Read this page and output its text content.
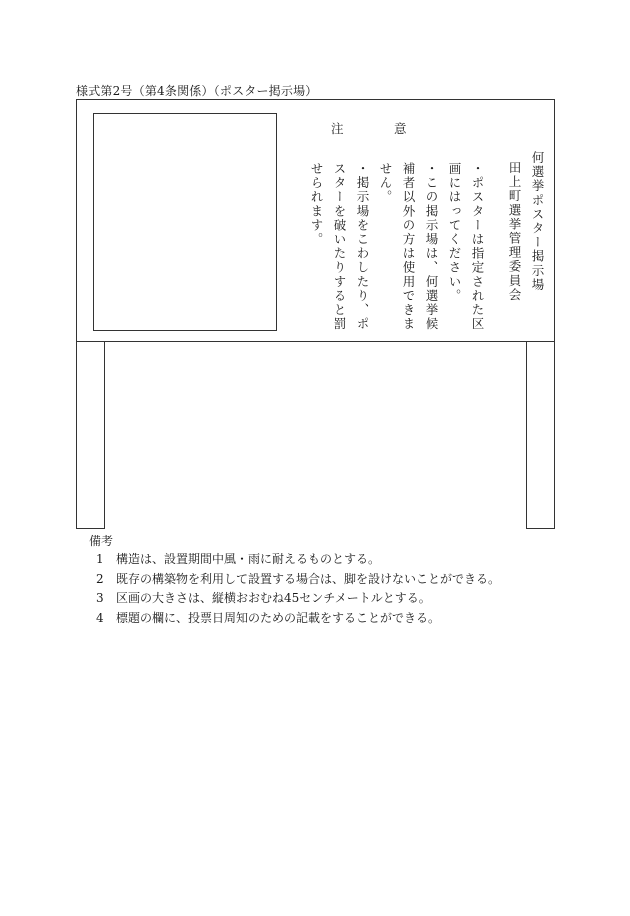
様式第2号（第4条関係）（ポスター掲示場）
何選挙ポスター掲示場
田上町選挙管理委員会
注	意

・ポスターは指定された区画にはってください。

・この掲示場は、何選挙候補者以外の方は使用できません。

・掲示場をこわしたり、ポスターを破いたりすると罰せられます。

備考
1 構造は、設置期間中風・雨に耐えるものとする。
2 既存の構築物を利用して設置する場合は、脚を設けないことができる。
3 区画の大きさは、縦横おおむね45センチメートルとする。
4 標題の欄に、投票日周知のための記載をすることができる。
